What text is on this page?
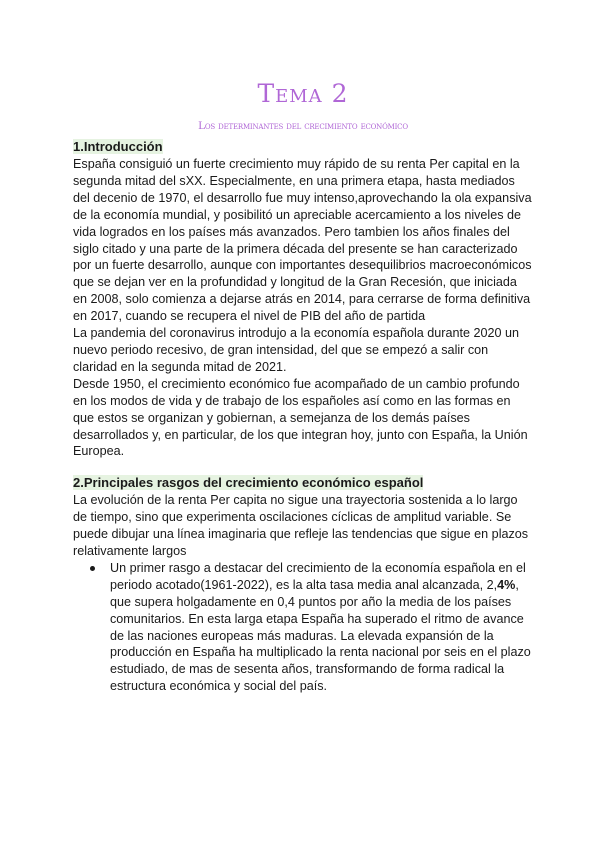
Tema 2
Los determinantes del crecimiento económico
1.Introducción

España consiguió un fuerte crecimiento muy rápido de su renta Per capital en la segunda mitad del sXX. Especialmente, en una primera etapa, hasta mediados del decenio de 1970, el desarrollo fue muy intenso,aprovechando la ola expansiva de la economía mundial, y posibilitó un apreciable acercamiento a los niveles de vida logrados en los países más avanzados. Pero tambien los años finales del siglo citado y una parte de la primera década del presente se han caracterizado por un fuerte desarrollo, aunque con importantes desequilibrios macroeconómicos que se dejan ver en la profundidad y longitud de la Gran Recesión, que iniciada en 2008, solo comienza a dejarse atrás en 2014, para cerrarse de forma definitiva en 2017, cuando se recupera el nivel de PIB del año de partida

La pandemia del coronavirus introdujo a la economía española durante 2020 un nuevo periodo recesivo, de gran intensidad, del que se empezó a salir con claridad en la segunda mitad de 2021.

Desde 1950, el crecimiento económico fue acompañado de un cambio profundo en los modos de vida y de trabajo de los españoles así como en las formas en que estos se organizan y gobiernan, a semejanza de los demás países desarrollados y, en particular, de los que integran hoy, junto con España, la Unión Europea.

2.Principales rasgos del crecimiento económico español

La evolución de la renta Per capita no sigue una trayectoria sostenida a lo largo de tiempo, sino que experimenta oscilaciones cíclicas de amplitud variable. Se puede dibujar una línea imaginaria que refleje las tendencias que sigue en plazos relativamente largos

Un primer rasgo a destacar del crecimiento de la economía española en el periodo acotado(1961-2022), es la alta tasa media anal alcanzada, 2,4%, que supera holgadamente en 0,4 puntos por año la media de los países comunitarios. En esta larga etapa España ha superado el ritmo de avance de las naciones europeas más maduras. La elevada expansión de la producción en España ha multiplicado la renta nacional por seis en el plazo estudiado, de mas de sesenta años, transformando de forma radical la estructura económica y social del país.
